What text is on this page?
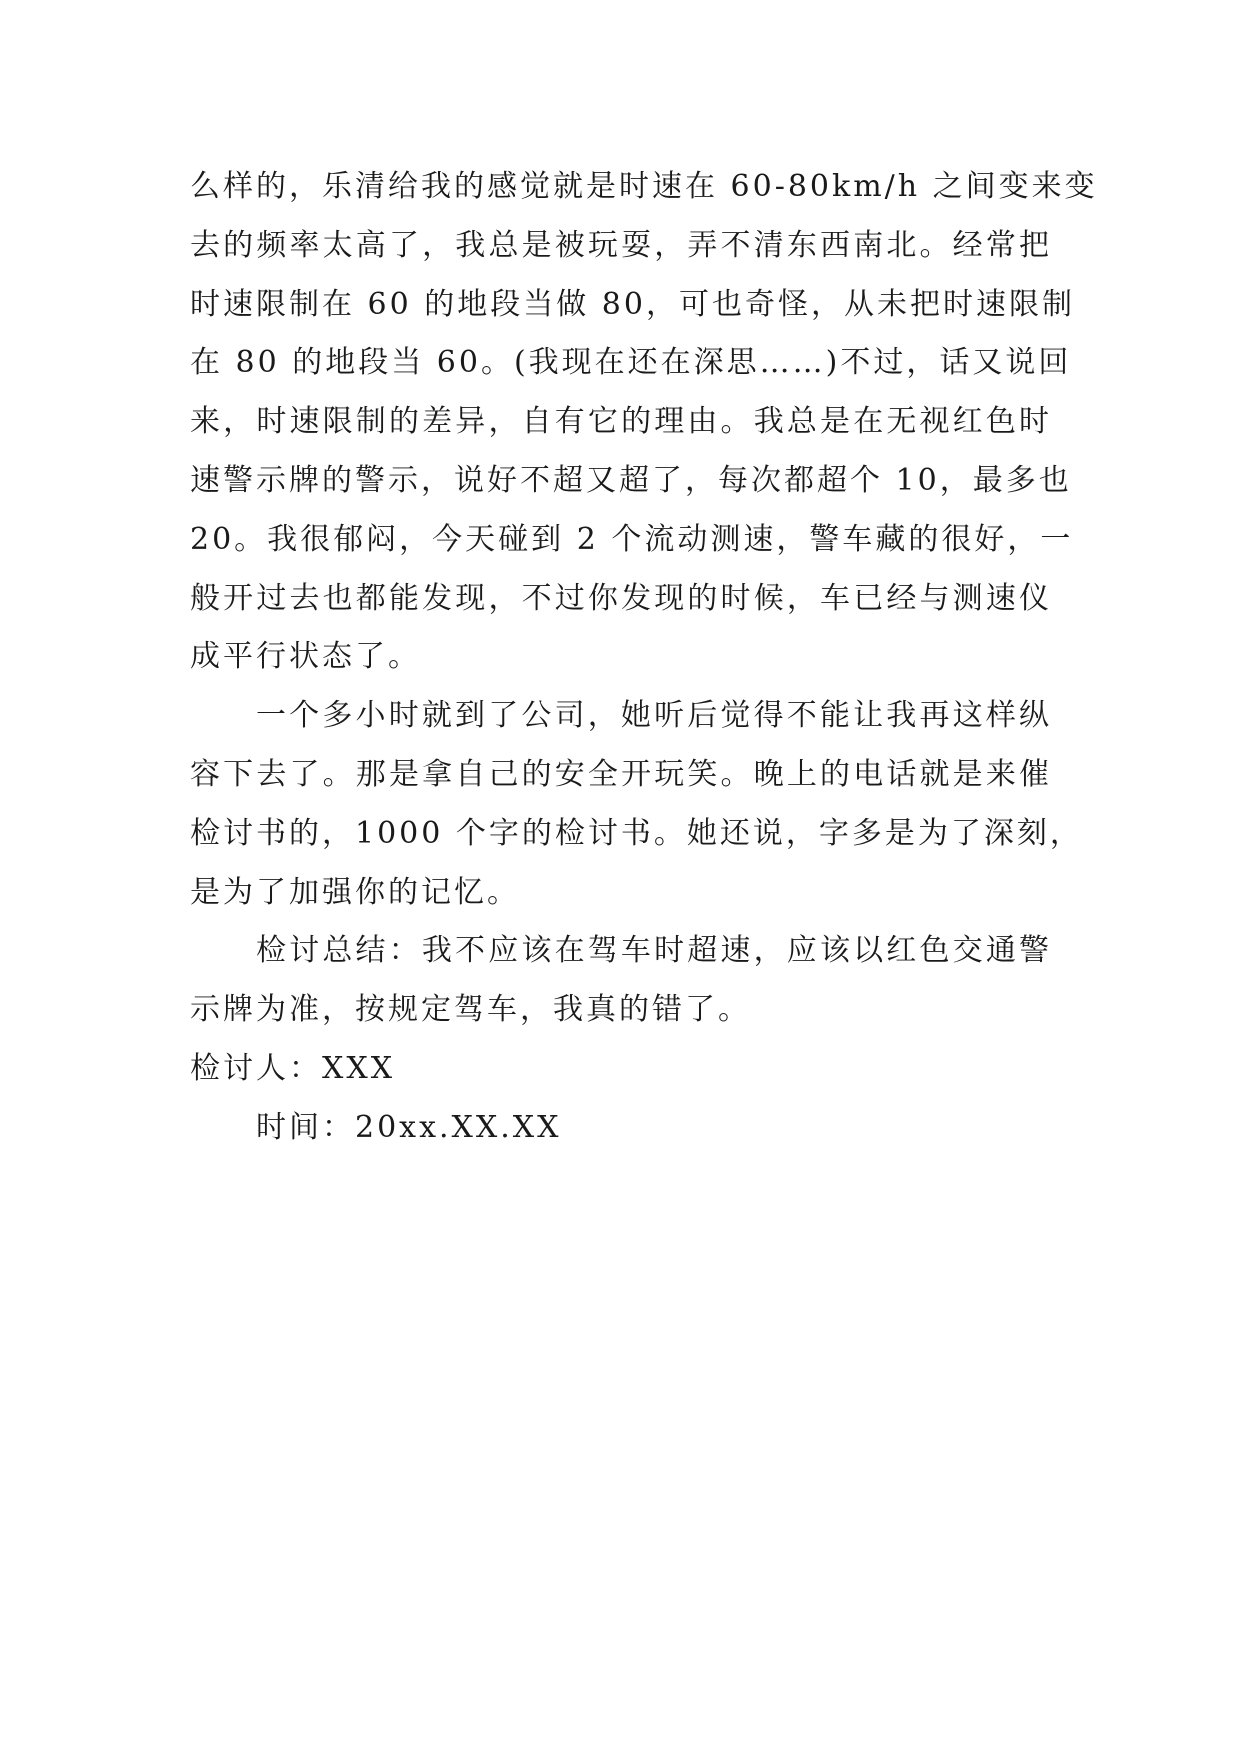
么样的，乐清给我的感觉就是时速在 60-80km/h 之间变来变
去的频率太高了，我总是被玩耍，弄不清东西南北。经常把
时速限制在 60 的地段当做 80，可也奇怪，从未把时速限制
在 80 的地段当 60。(我现在还在深思……)不过，话又说回
来，时速限制的差异，自有它的理由。我总是在无视红色时
速警示牌的警示，说好不超又超了，每次都超个 10，最多也
20。我很郁闷，今天碰到 2 个流动测速，警车藏的很好，一
般开过去也都能发现，不过你发现的时候，车已经与测速仪
成平行状态了。
一个多小时就到了公司，她听后觉得不能让我再这样纵
容下去了。那是拿自己的安全开玩笑。晚上的电话就是来催
检讨书的，1000 个字的检讨书。她还说，字多是为了深刻，
是为了加强你的记忆。
检讨总结：我不应该在驾车时超速，应该以红色交通警
示牌为准，按规定驾车，我真的错了。
检讨人：XXX
时间：20xx.XX.XX
